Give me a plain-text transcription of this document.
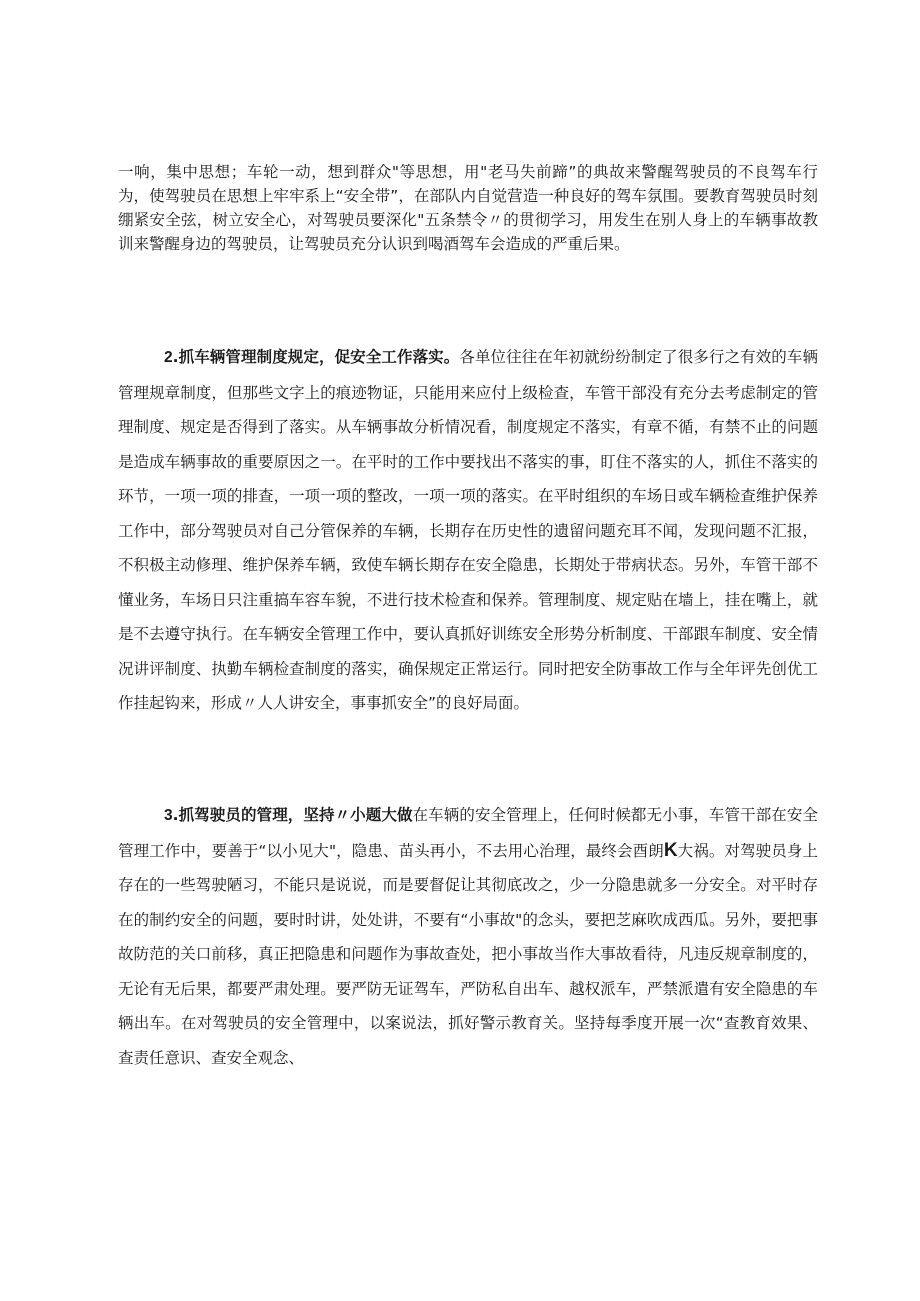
一响，集中思想；车轮一动，想到群众"等思想，用"老马失前蹄”的典故来警醒驾驶员的不良驾车行为，使驾驶员在思想上牢牢系上“安全带”，在部队内自觉营造一种良好的驾车氛围。要教育驾驶员时刻绷紧安全弦，树立安全心，对驾驶员要深化"五条禁令〃的贯彻学习，用发生在别人身上的车辆事故教训来警醒身边的驾驶员，让驾驶员充分认识到喝酒驾车会造成的严重后果。

2.抓车辆管理制度规定，促安全工作落实。各单位往往在年初就纷纷制定了很多行之有效的车辆管理规章制度，但那些文字上的痕迹物证，只能用来应付上级检查，车管干部没有充分去考虑制定的管理制度、规定是否得到了落实。从车辆事故分析情况看，制度规定不落实，有章不循，有禁不止的问题是造成车辆事故的重要原因之一。在平时的工作中要找出不落实的事，盯住不落实的人，抓住不落实的环节，一项一项的排查，一项一项的整改，一项一项的落实。在平时组织的车场日或车辆检查维护保养工作中，部分驾驶员对自己分管保养的车辆，长期存在历史性的遗留问题充耳不闻，发现问题不汇报，不积极主动修理、维护保养车辆，致使车辆长期存在安全隐患，长期处于带病状态。另外，车管干部不懂业务，车场日只注重搞车容车貌，不进行技术检查和保养。管理制度、规定贴在墙上，挂在嘴上，就是不去遵守执行。在车辆安全管理工作中，要认真抓好训练安全形势分析制度、干部跟车制度、安全情况讲评制度、执勤车辆检查制度的落实，确保规定正常运行。同时把安全防事故工作与全年评先创优工作挂起钩来，形成〃人人讲安全，事事抓安全”的良好局面。

3.抓驾驶员的管理，坚持〃小题大做在车辆的安全管理上，任何时候都无小事，车管干部在安全管理工作中，要善于“以小见大"，隐患、苗头再小，不去用心治理，最终会酉朗K大祸。对驾驶员身上存在的一些驾驶陋习，不能只是说说，而是要督促让其彻底改之，少一分隐患就多一分安全。对平时存在的制约安全的问题，要时时讲，处处讲，不要有“小事故"的念头，要把芝麻吹成西瓜。另外，要把事故防范的关口前移，真正把隐患和问题作为事故查处，把小事故当作大事故看待，凡违反规章制度的，无论有无后果，都要严肃处理。要严防无证驾车，严防私自出车、越权派车，严禁派遣有安全隐患的车辆出车。在对驾驶员的安全管理中，以案说法，抓好警示教育关。坚持每季度开展一次“查教育效果、查责任意识、查安全观念、
